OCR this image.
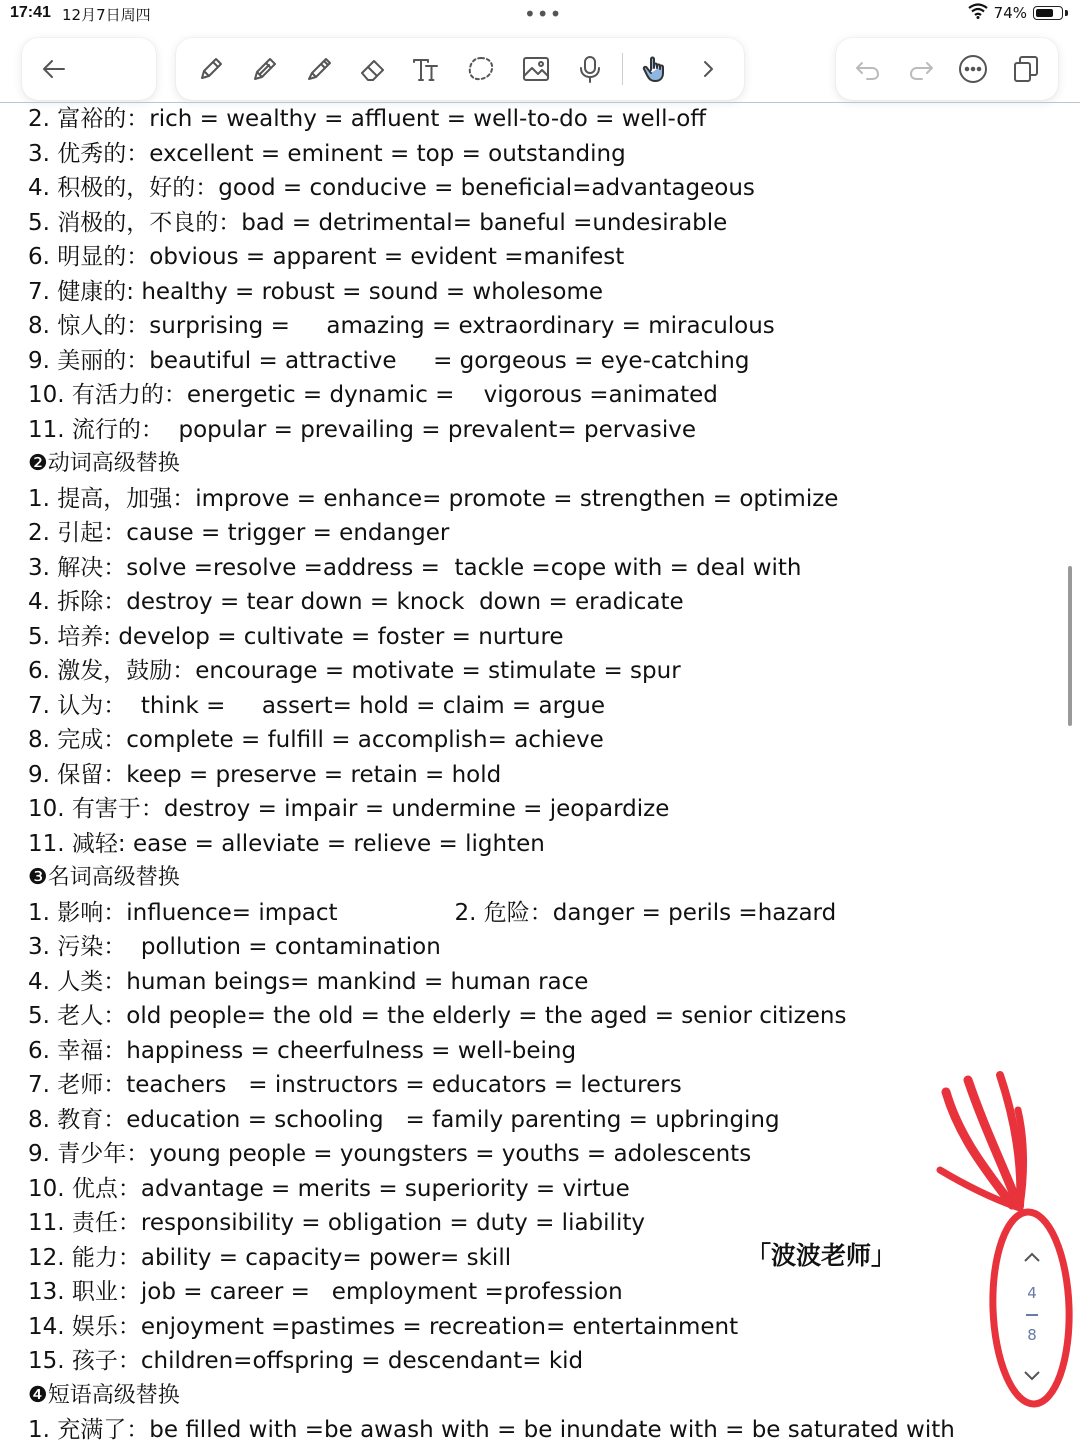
17:41 12月7日周四	•••	74%
2. 富裕的：rich = wealthy = affluent = well-to-do = well-off
3. 优秀的：excellent = eminent = top = outstanding
4. 积极的，好的：good = conducive = beneficial=advantageous
5. 消极的，不良的：bad = detrimental= baneful =undesirable
6. 明显的：obvious = apparent = evident =manifest
7. 健康的: healthy = robust = sound = wholesome
8. 惊人的：surprising =     amazing = extraordinary = miraculous
9. 美丽的：beautiful = attractive     = gorgeous = eye-catching
10. 有活力的：energetic = dynamic =    vigorous =animated
11. 流行的：  popular = prevailing = prevalent= pervasive
❷动词高级替换
1. 提高，加强：improve = enhance= promote = strengthen = optimize
2. 引起：cause = trigger = endanger
3. 解决：solve =resolve =address =  tackle =cope with = deal with
4. 拆除：destroy = tear down = knock  down = eradicate
5. 培养: develop = cultivate = foster = nurture
6. 激发，鼓励：encourage = motivate = stimulate = spur
7. 认为：  think =     assert= hold = claim = argue
8. 完成：complete = fulfill = accomplish= achieve
9. 保留：keep = preserve = retain = hold
10. 有害于：destroy = impair = undermine = jeopardize
11. 减轻: ease = alleviate = relieve = lighten
❸名词高级替换
1. 影响：influence= impact                2. 危险：danger = perils =hazard
3. 污染：  pollution = contamination
4. 人类：human beings= mankind = human race
5. 老人：old people= the old = the elderly = the aged = senior citizens
6. 幸福：happiness = cheerfulness = well-being
7. 老师：teachers   = instructors = educators = lecturers
8. 教育：education = schooling   = family parenting = upbringing
9. 青少年：young people = youngsters = youths = adolescents
10. 优点：advantage = merits = superiority = virtue
11. 责任：responsibility = obligation = duty = liability
12. 能力：ability = capacity= power= skill
13. 职业：job = career =   employment =profession
14. 娱乐：enjoyment =pastimes = recreation= entertainment
15. 孩子：children=offspring = descendant= kid
❹短语高级替换
1. 充满了：be filled with =be awash with = be inundate with = be saturated with
「波波老师」
4
8
